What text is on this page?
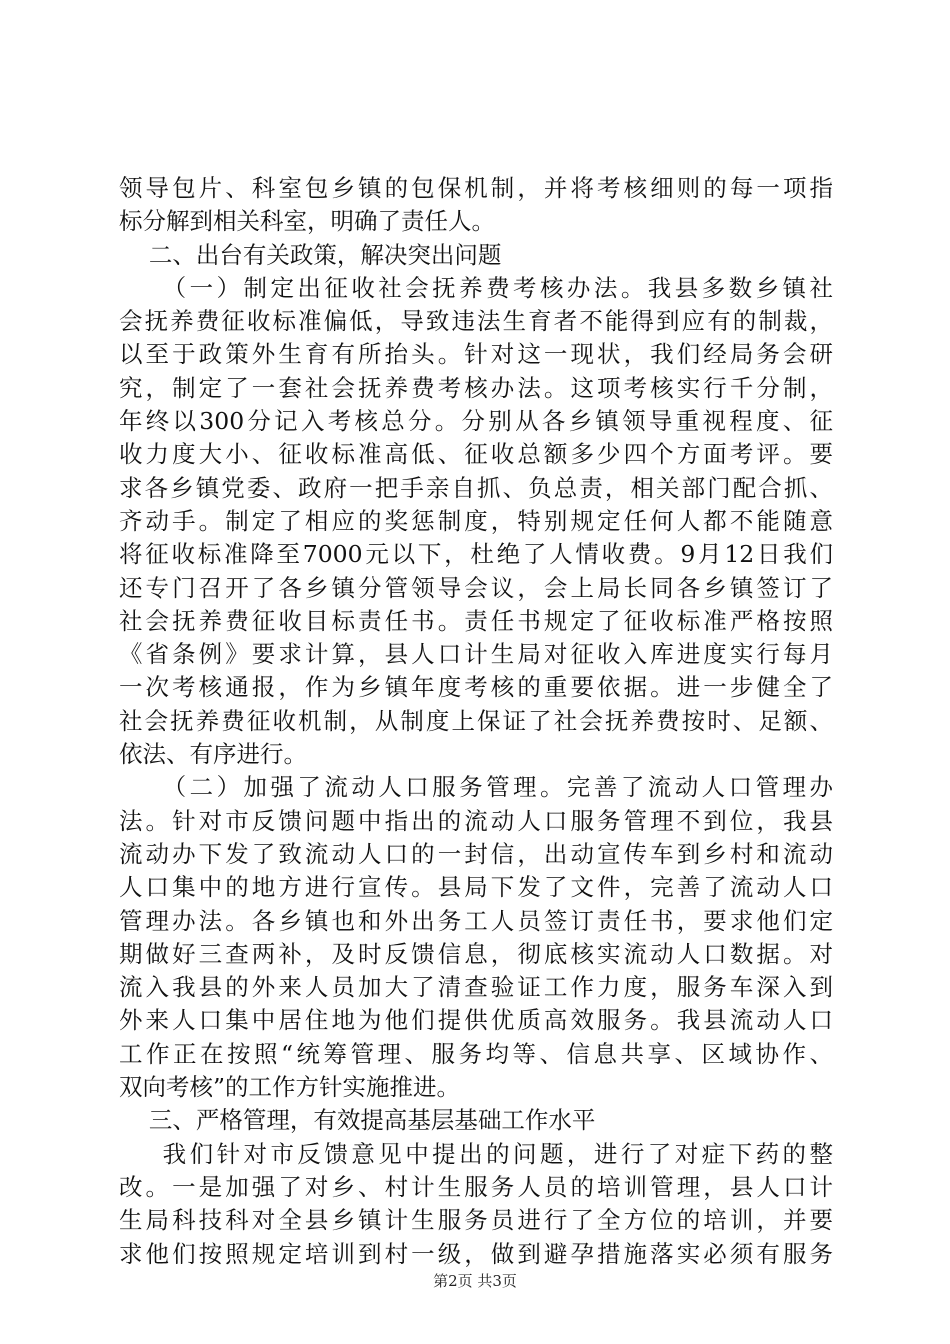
领导包片、科室包乡镇的包保机制，并将考核细则的每一项指
标分解到相关科室，明确了责任人。
二、出台有关政策，解决突出问题
（一）制定出征收社会抚养费考核办法。我县多数乡镇社
会抚养费征收标准偏低，导致违法生育者不能得到应有的制裁，
以至于政策外生育有所抬头。针对这一现状，我们经局务会研
究，制定了一套社会抚养费考核办法。这项考核实行千分制，
年终以300分记入考核总分。分别从各乡镇领导重视程度、征
收力度大小、征收标准高低、征收总额多少四个方面考评。要
求各乡镇党委、政府一把手亲自抓、负总责，相关部门配合抓、
齐动手。制定了相应的奖惩制度，特别规定任何人都不能随意
将征收标准降至7000元以下，杜绝了人情收费。9月12日我们
还专门召开了各乡镇分管领导会议，会上局长同各乡镇签订了
社会抚养费征收目标责任书。责任书规定了征收标准严格按照
《省条例》要求计算，县人口计生局对征收入库进度实行每月
一次考核通报，作为乡镇年度考核的重要依据。进一步健全了
社会抚养费征收机制，从制度上保证了社会抚养费按时、足额、
依法、有序进行。
（二）加强了流动人口服务管理。完善了流动人口管理办
法。针对市反馈问题中指出的流动人口服务管理不到位，我县
流动办下发了致流动人口的一封信，出动宣传车到乡村和流动
人口集中的地方进行宣传。县局下发了文件，完善了流动人口
管理办法。各乡镇也和外出务工人员签订责任书，要求他们定
期做好三查两补，及时反馈信息，彻底核实流动人口数据。对
流入我县的外来人员加大了清查验证工作力度，服务车深入到
外来人口集中居住地为他们提供优质高效服务。我县流动人口
工作正在按照“统筹管理、服务均等、信息共享、区域协作、
双向考核”的工作方针实施推进。
三、严格管理，有效提高基层基础工作水平
我们针对市反馈意见中提出的问题，进行了对症下药的整
改。一是加强了对乡、村计生服务人员的培训管理，县人口计
生局科技科对全县乡镇计生服务员进行了全方位的培训，并要
求他们按照规定培训到村一级，做到避孕措施落实必须有服务
第2页 共3页
